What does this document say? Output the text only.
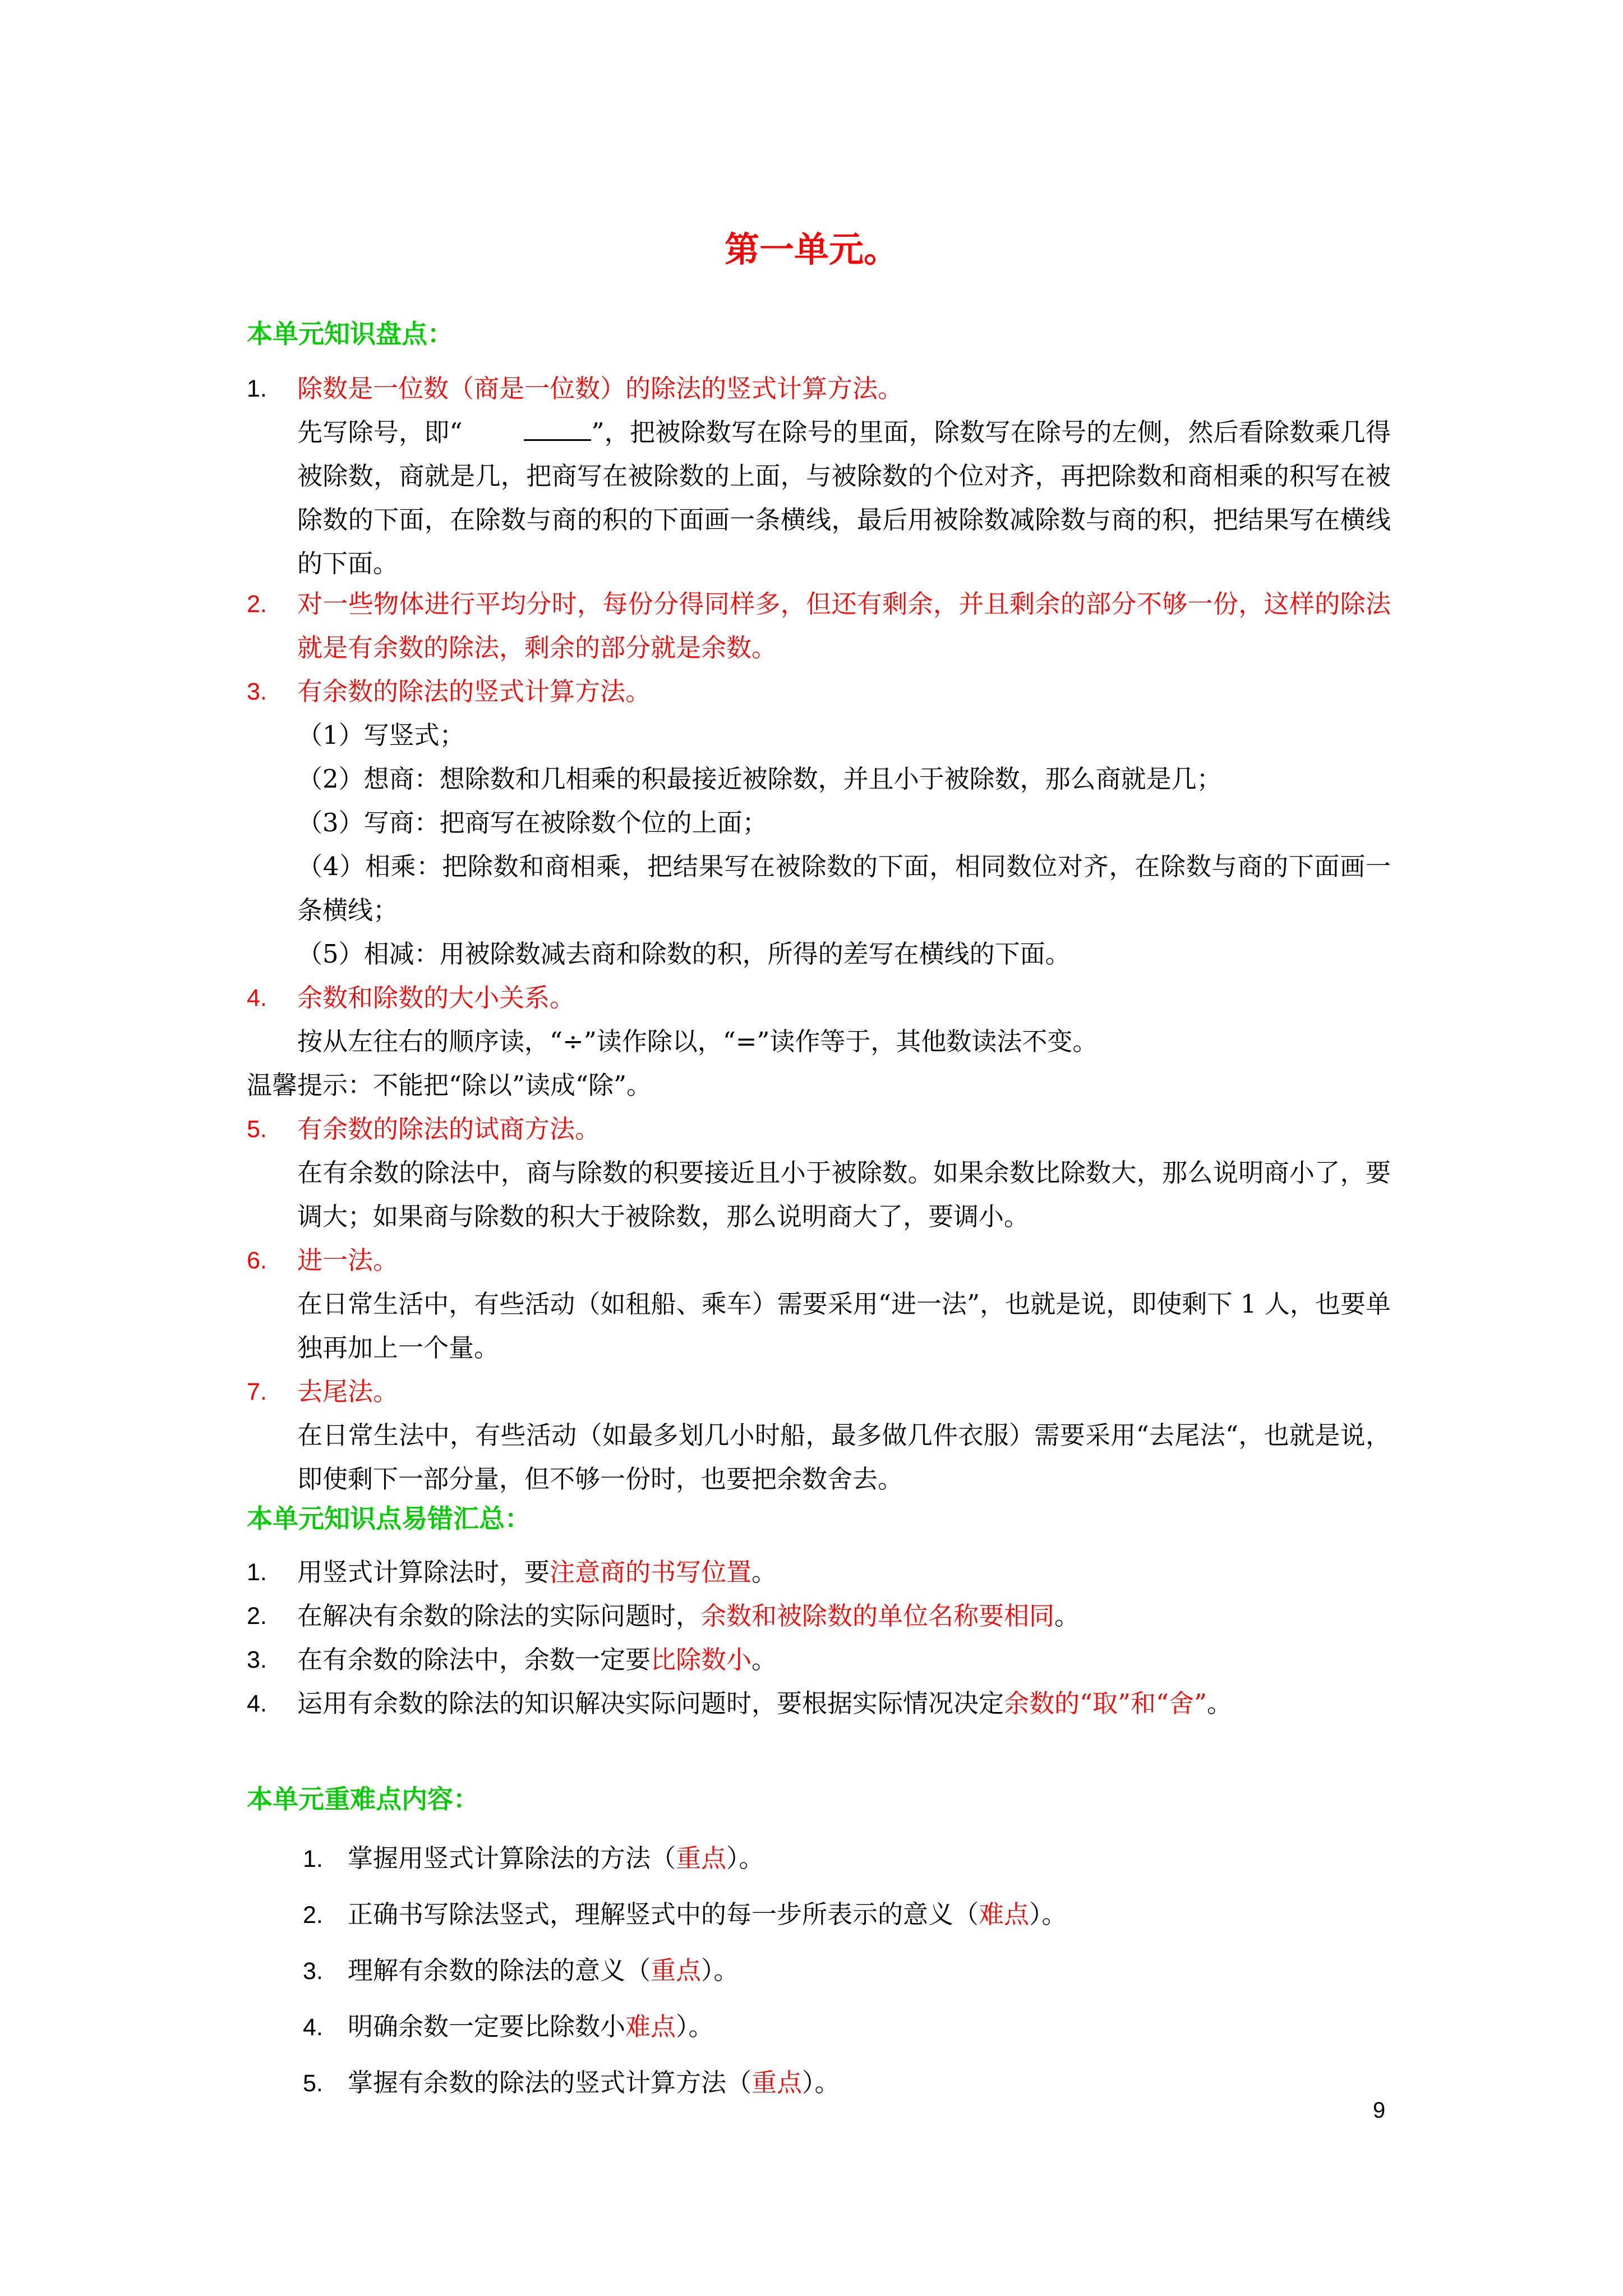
第一单元。
本单元知识盘点：
1.	除数是一位数（商是一位数）的除法的竖式计算方法。
先写除号，即“	”，把被除数写在除号的里面，除数写在除号的左侧，然后看除数乘几得被除数，商就是几，把商写在被除数的上面，与被除数的个位对齐，再把除数和商相乘的积写在被除数的下面，在除数与商的积的下面画一条横线，最后用被除数减除数与商的积，把结果写在横线的下面。
2.	对一些物体进行平均分时，每份分得同样多，但还有剩余，并且剩余的部分不够一份，这样的除法就是有余数的除法，剩余的部分就是余数。
3.	有余数的除法的竖式计算方法。
（1）写竖式；
（2）想商：想除数和几相乘的积最接近被除数，并且小于被除数，那么商就是几；
（3）写商：把商写在被除数个位的上面；
（4）相乘：把除数和商相乘，把结果写在被除数的下面，相同数位对齐，在除数与商的下面画一条横线；
（5）相减：用被除数减去商和除数的积，所得的差写在横线的下面。
4.	余数和除数的大小关系。
按从左往右的顺序读，“÷”读作除以，“=”读作等于，其他数读法不变。
温馨提示：不能把“除以”读成“除”。
5.	有余数的除法的试商方法。
在有余数的除法中，商与除数的积要接近且小于被除数。如果余数比除数大，那么说明商小了，要调大；如果商与除数的积大于被除数，那么说明商大了，要调小。
6.	进一法。
在日常生活中，有些活动（如租船、乘车）需要采用“进一法”，也就是说，即使剩下 1 人，也要单独再加上一个量。
7.	去尾法。
在日常生法中，有些活动（如最多划几小时船，最多做几件衣服）需要采用“去尾法“，也就是说，即使剩下一部分量，但不够一份时，也要把余数舍去。
本单元知识点易错汇总：
1.	用竖式计算除法时，要注意商的书写位置。
2.	在解决有余数的除法的实际问题时，余数和被除数的单位名称要相同。
3.	在有余数的除法中，余数一定要比除数小。
4.	运用有余数的除法的知识解决实际问题时，要根据实际情况决定余数的“取”和“舍”。
本单元重难点内容：
1. 掌握用竖式计算除法的方法（重点）。
2. 正确书写除法竖式，理解竖式中的每一步所表示的意义（难点）。
3. 理解有余数的除法的意义（重点）。
4. 明确余数一定要比除数小难点）。
5. 掌握有余数的除法的竖式计算方法（重点）。
9
